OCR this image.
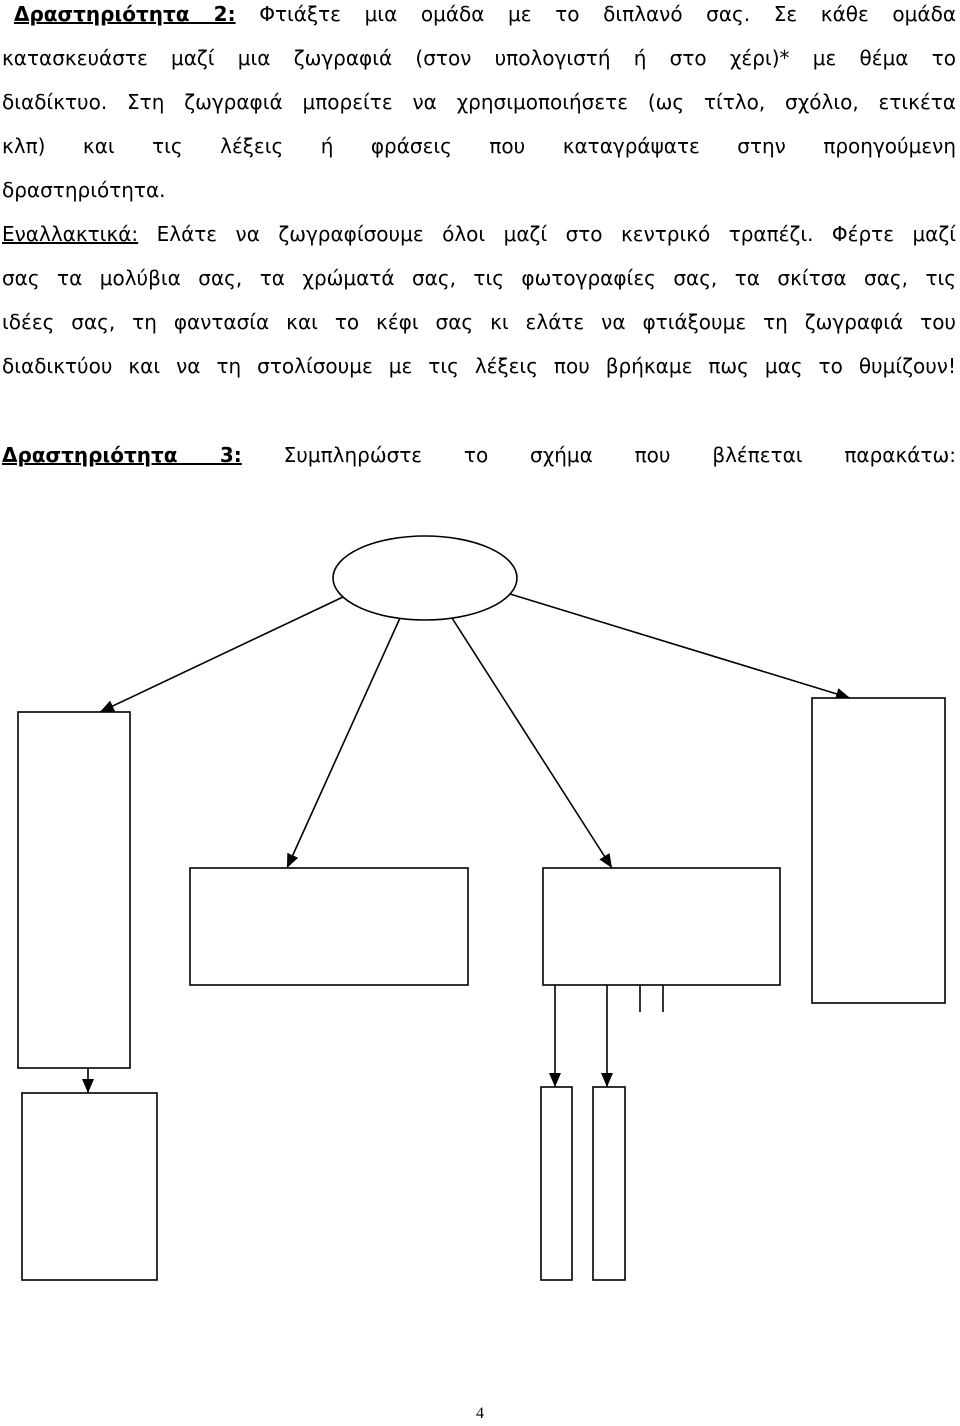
Δραστηριότητα 2: Φτιάξτε μια ομάδα με το διπλανό σας. Σε κάθε ομάδα
κατασκευάστε μαζί μια ζωγραφιά (στον υπολογιστή ή στο χέρι)* με θέμα το
διαδίκτυο. Στη ζωγραφιά μπορείτε να χρησιμοποιήσετε (ως τίτλο, σχόλιο, ετικέτα
κλπ) και τις λέξεις ή φράσεις που καταγράψατε στην προηγούμενη
δραστηριότητα.
Εναλλακτικά: Ελάτε να ζωγραφίσουμε όλοι μαζί στο κεντρικό τραπέζι. Φέρτε μαζί
σας τα μολύβια σας, τα χρώματά σας, τις φωτογραφίες σας, τα σκίτσα σας, τις
ιδέες σας, τη φαντασία και το κέφι σας κι ελάτε να φτιάξουμε τη ζωγραφιά του
διαδικτύου και να τη στολίσουμε με τις λέξεις που βρήκαμε πως μας το θυμίζουν!
Δραστηριότητα 3: Συμπληρώστε το σχήμα που βλέπεται παρακάτω:
4
